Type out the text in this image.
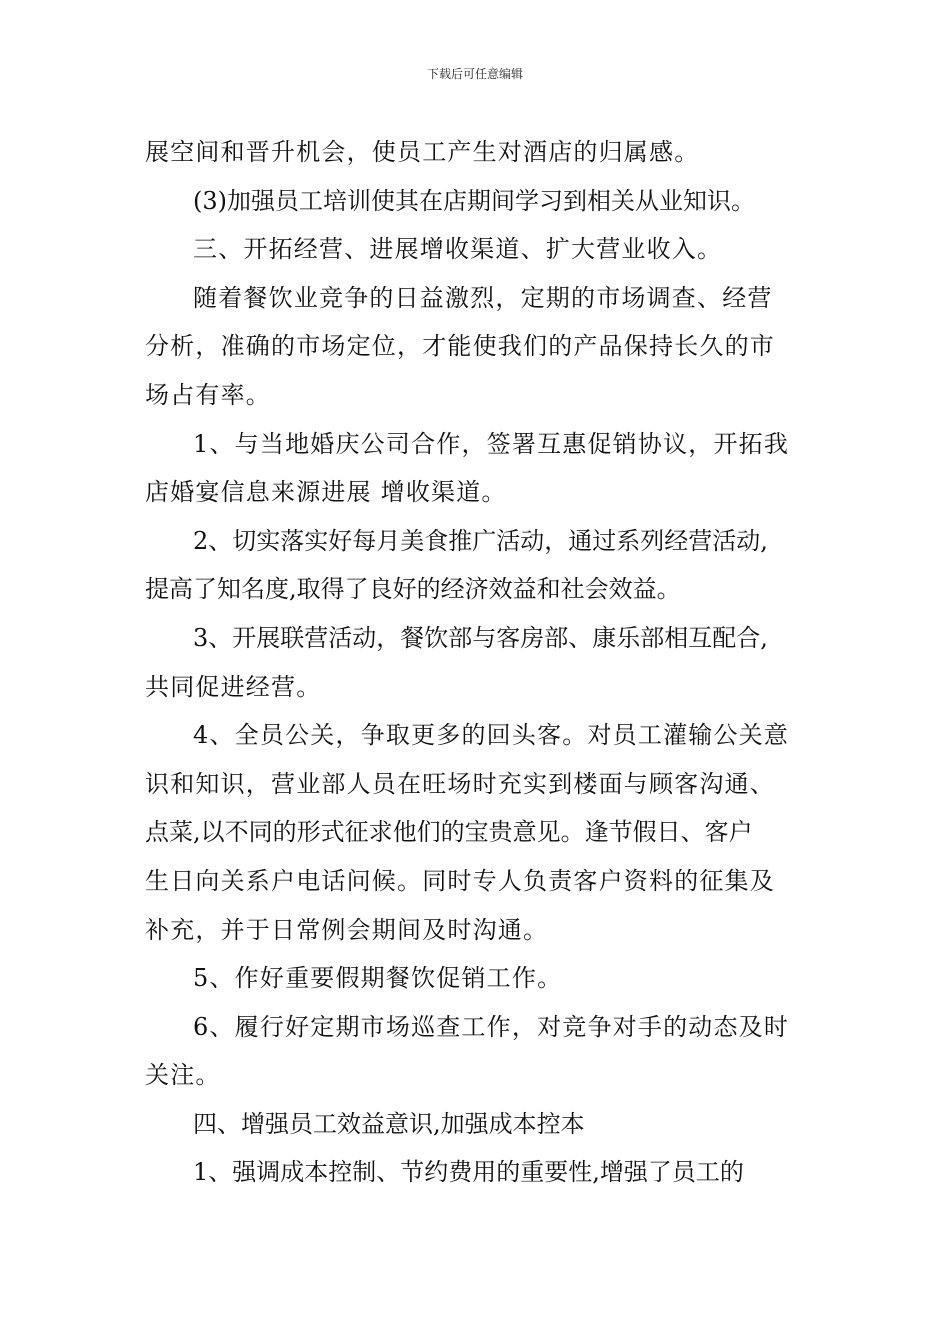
下载后可任意编辑

展空间和晋升机会，使员工产生对酒店的归属感。

(3)加强员工培训使其在店期间学习到相关从业知识。

三、开拓经营、进展增收渠道、扩大营业收入。

随着餐饮业竞争的日益激烈，定期的市场调查、经营

分析，准确的市场定位，才能使我们的产品保持长久的市

场占有率。

1、与当地婚庆公司合作，签署互惠促销协议，开拓我

店婚宴信息来源进展 增收渠道。

2、切实落实好每月美食推广活动，通过系列经营活动,

提高了知名度,取得了良好的经济效益和社会效益。

3、开展联营活动，餐饮部与客房部、康乐部相互配合,

共同促进经营。

4、全员公关，争取更多的回头客。对员工灌输公关意

识和知识，营业部人员在旺场时充实到楼面与顾客沟通、

点菜,以不同的形式征求他们的宝贵意见。逢节假日、客户

生日向关系户电话问候。同时专人负责客户资料的征集及

补充，并于日常例会期间及时沟通。

5、作好重要假期餐饮促销工作。

6、履行好定期市场巡查工作，对竞争对手的动态及时

关注。

四、增强员工效益意识,加强成本控本

1、强调成本控制、节约费用的重要性,增强了员工的
